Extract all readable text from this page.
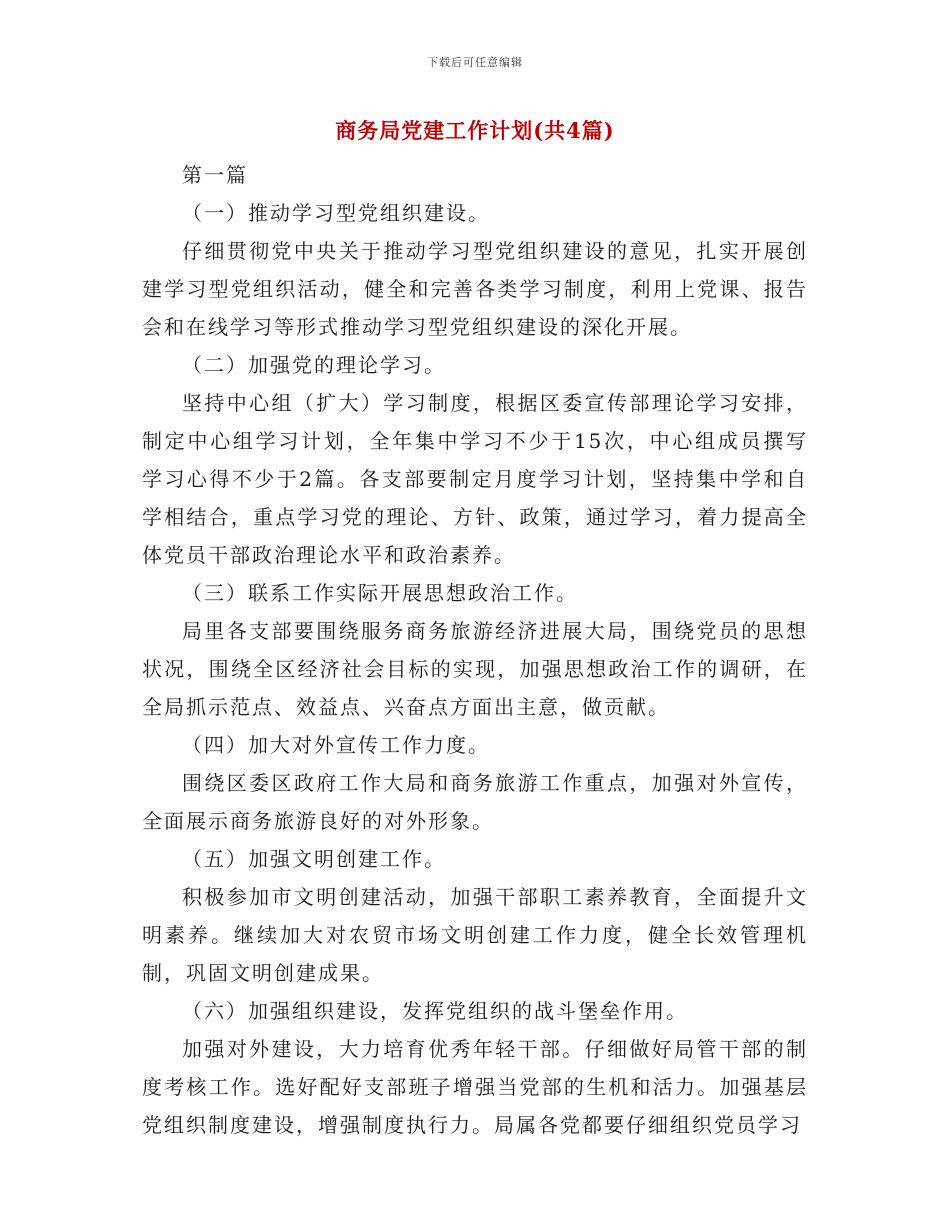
下载后可任意编辑
商务局党建工作计划(共4篇)

第一篇

（一）推动学习型党组织建设。

仔细贯彻党中央关于推动学习型党组织建设的意见，扎实开展创建学习型党组织活动，健全和完善各类学习制度，利用上党课、报告会和在线学习等形式推动学习型党组织建设的深化开展。

（二）加强党的理论学习。

坚持中心组（扩大）学习制度，根据区委宣传部理论学习安排，制定中心组学习计划，全年集中学习不少于15次，中心组成员撰写学习心得不少于2篇。各支部要制定月度学习计划，坚持集中学和自学相结合，重点学习党的理论、方针、政策，通过学习，着力提高全体党员干部政治理论水平和政治素养。

（三）联系工作实际开展思想政治工作。

局里各支部要围绕服务商务旅游经济进展大局，围绕党员的思想状况，围绕全区经济社会目标的实现，加强思想政治工作的调研，在全局抓示范点、效益点、兴奋点方面出主意，做贡献。

（四）加大对外宣传工作力度。

围绕区委区政府工作大局和商务旅游工作重点，加强对外宣传，全面展示商务旅游良好的对外形象。

（五）加强文明创建工作。

积极参加市文明创建活动，加强干部职工素养教育，全面提升文明素养。继续加大对农贸市场文明创建工作力度，健全长效管理机制，巩固文明创建成果。

（六）加强组织建设，发挥党组织的战斗堡垒作用。

加强对外建设，大力培育优秀年轻干部。仔细做好局管干部的制度考核工作。选好配好支部班子增强当党部的生机和活力。加强基层党组织制度建设，增强制度执行力。局属各党都要仔细组织党员学习
